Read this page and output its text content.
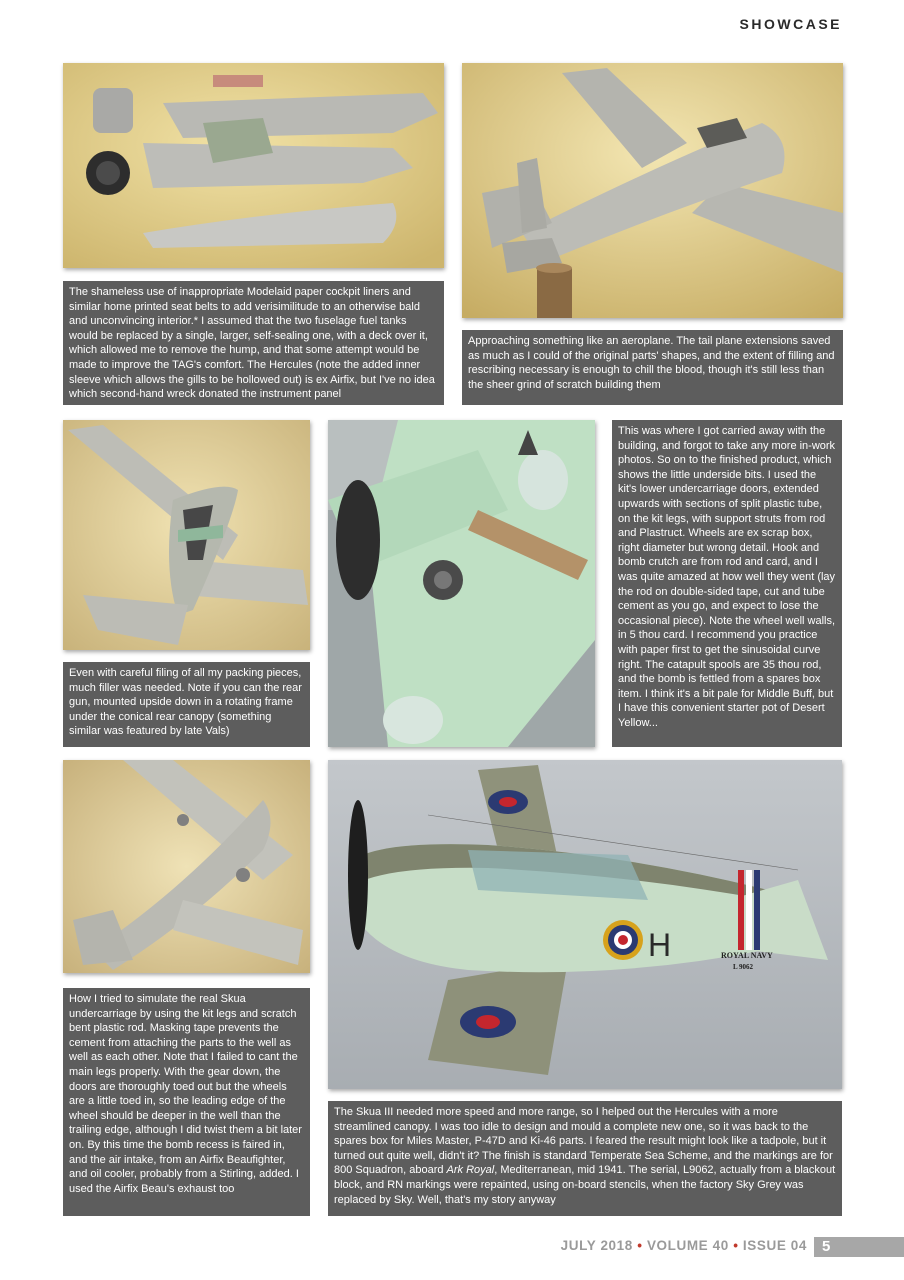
SHOWCASE

The shameless use of inappropriate Modelaid paper cockpit liners and similar home printed seat belts to add verisimilitude to an otherwise bald and unconvincing interior.* I assumed that the two fuselage fuel tanks would be replaced by a single, larger, self-sealing one, with a deck over it, which allowed me to remove the hump, and that some attempt would be made to improve the TAG's comfort. The Hercules (note the added inner sleeve which allows the gills to be hollowed out) is ex Airfix, but I've no idea which second-hand wreck donated the instrument panel

Approaching something like an aeroplane. The tail plane extensions saved as much as I could of the original parts' shapes, and the extent of filling and rescribing necessary is enough to chill the blood, though it's still less than the sheer grind of scratch building them

This was where I got carried away with the building, and forgot to take any more in-work photos. So on to the finished product, which shows the little underside bits. I used the kit's lower undercarriage doors, extended upwards with sections of split plastic tube, on the kit legs, with support struts from rod and Plastruct. Wheels are ex scrap box, right diameter but wrong detail. Hook and bomb crutch are from rod and card, and I was quite amazed at how well they went (lay the rod on double-sided tape, cut and tube cement as you go, and expect to lose the occasional piece). Note the wheel well walls, in 5 thou card. I recommend you practice with paper first to get the sinusoidal curve right. The catapult spools are 35 thou rod, and the bomb is fettled from a spares box item. I think it's a bit pale for Middle Buff, but I have this convenient starter pot of Desert Yellow...

Even with careful filing of all my packing pieces, much filler was needed. Note if you can the rear gun, mounted upside down in a rotating frame under the conical rear canopy (something similar was featured by late Vals)

H	ROYAL NAVY
L 9062

How I tried to simulate the real Skua undercarriage by using the kit legs and scratch bent plastic rod. Masking tape prevents the cement from attaching the parts to the well as well as each other. Note that I failed to cant the main legs properly. With the gear down, the doors are thoroughly toed out but the wheels are a little toed in, so the leading edge of the wheel should be deeper in the well than the trailing edge, although I did twist them a bit later on. By this time the bomb recess is faired in, and the air intake, from an Airfix Beaufighter, and oil cooler, probably from a Stirling, added. I used the Airfix Beau's exhaust too

The Skua III needed more speed and more range, so I helped out the Hercules with a more streamlined canopy. I was too idle to design and mould a complete new one, so it was back to the spares box for Miles Master, P-47D and Ki-46 parts. I feared the result might look like a tadpole, but it turned out quite well, didn't it? The finish is standard Temperate Sea Scheme, and the markings are for 800 Squadron, aboard Ark Royal, Mediterranean, mid 1941. The serial, L9062, actually from a blackout block, and RN markings were repainted, using on-board stencils, when the factory Sky Grey was replaced by Sky. Well, that's my story anyway

JULY 2018 • VOLUME 40 • ISSUE 04	5
